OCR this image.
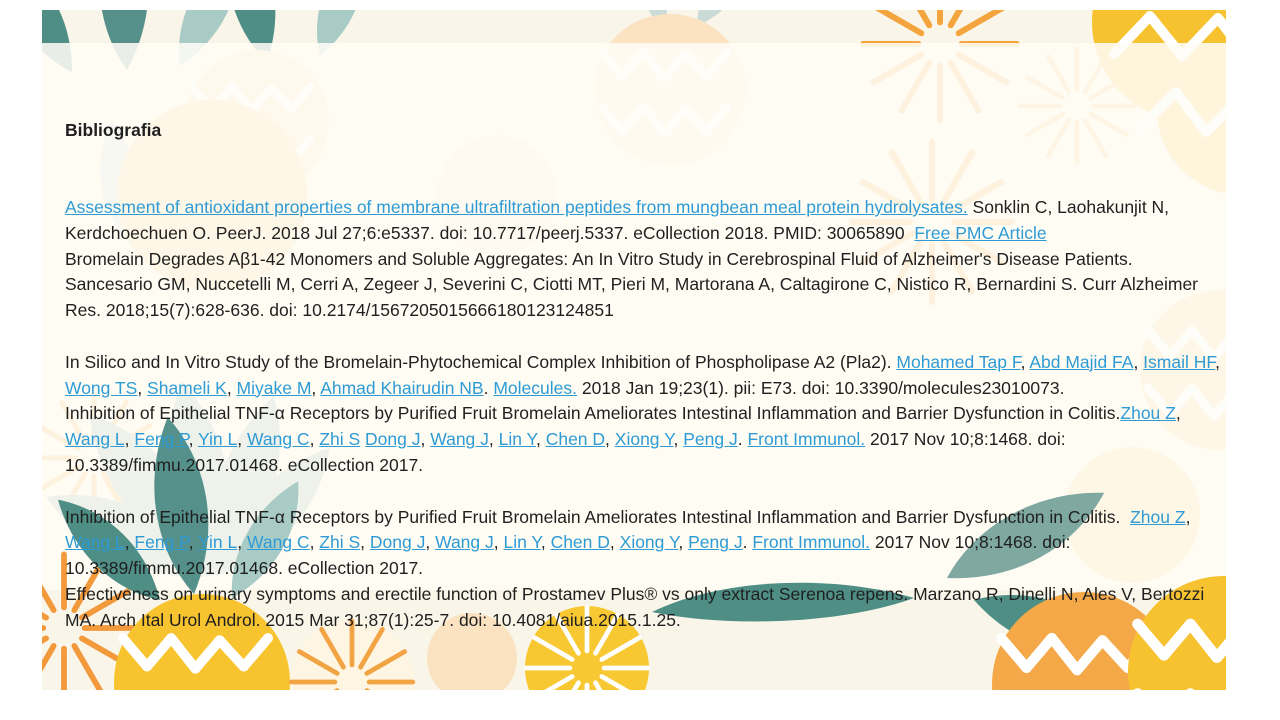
Bibliografia

Assessment of antioxidant properties of membrane ultrafiltration peptides from mungbean meal protein hydrolysates. Sonklin C, Laohakunjit N, Kerdchoechuen O. PeerJ. 2018 Jul 27;6:e5337. doi: 10.7717/peerj.5337. eCollection 2018. PMID: 30065890  Free PMC Article

Bromelain Degrades Aβ1-42 Monomers and Soluble Aggregates: An In Vitro Study in Cerebrospinal Fluid of Alzheimer's Disease Patients. Sancesario GM, Nuccetelli M, Cerri A, Zegeer J, Severini C, Ciotti MT, Pieri M, Martorana A, Caltagirone C, Nistico R, Bernardini S. Curr Alzheimer Res. 2018;15(7):628-636. doi: 10.2174/1567205015666180123124851

In Silico and In Vitro Study of the Bromelain-Phytochemical Complex Inhibition of Phospholipase A2 (Pla2). Mohamed Tap F, Abd Majid FA, Ismail HF, Wong TS, Shameli K, Miyake M, Ahmad Khairudin NB. Molecules. 2018 Jan 19;23(1). pii: E73. doi: 10.3390/molecules23010073.

Inhibition of Epithelial TNF-α Receptors by Purified Fruit Bromelain Ameliorates Intestinal Inflammation and Barrier Dysfunction in Colitis.Zhou Z, Wang L, Feng P, Yin L, Wang C, Zhi S Dong J, Wang J, Lin Y, Chen D, Xiong Y, Peng J. Front Immunol. 2017 Nov 10;8:1468. doi: 10.3389/fimmu.2017.01468. eCollection 2017.

Inhibition of Epithelial TNF-α Receptors by Purified Fruit Bromelain Ameliorates Intestinal Inflammation and Barrier Dysfunction in Colitis.  Zhou Z, Wang L, Feng P, Yin L, Wang C, Zhi S, Dong J, Wang J, Lin Y, Chen D, Xiong Y, Peng J. Front Immunol. 2017 Nov 10;8:1468. doi: 10.3389/fimmu.2017.01468. eCollection 2017.

Effectiveness on urinary symptoms and erectile function of Prostamev Plus® vs only extract Serenoa repens. Marzano R, Dinelli N, Ales V, Bertozzi MA. Arch Ital Urol Androl. 2015 Mar 31;87(1):25-7. doi: 10.4081/aiua.2015.1.25.
